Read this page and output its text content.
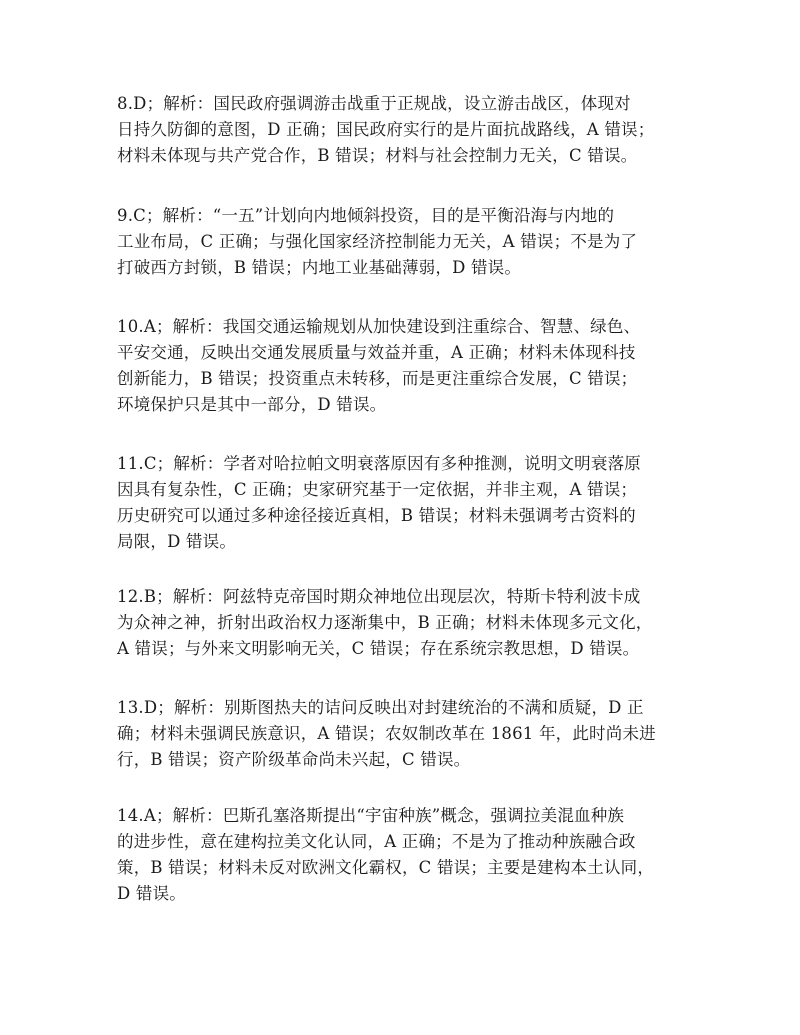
8.D；解析：国民政府强调游击战重于正规战，设立游击战区，体现对
日持久防御的意图，D 正确；国民政府实行的是片面抗战路线，A 错误；
材料未体现与共产党合作，B 错误；材料与社会控制力无关，C 错误。
9.C；解析：“一五”计划向内地倾斜投资，目的是平衡沿海与内地的
工业布局，C 正确；与强化国家经济控制能力无关，A 错误；不是为了
打破西方封锁，B 错误；内地工业基础薄弱，D 错误。
10.A；解析：我国交通运输规划从加快建设到注重综合、智慧、绿色、
平安交通，反映出交通发展质量与效益并重，A 正确；材料未体现科技
创新能力，B 错误；投资重点未转移，而是更注重综合发展，C 错误；
环境保护只是其中一部分，D 错误。
11.C；解析：学者对哈拉帕文明衰落原因有多种推测，说明文明衰落原
因具有复杂性，C 正确；史家研究基于一定依据，并非主观，A 错误；
历史研究可以通过多种途径接近真相，B 错误；材料未强调考古资料的
局限，D 错误。
12.B；解析：阿兹特克帝国时期众神地位出现层次，特斯卡特利波卡成
为众神之神，折射出政治权力逐渐集中，B 正确；材料未体现多元文化，
A 错误；与外来文明影响无关，C 错误；存在系统宗教思想，D 错误。
13.D；解析：别斯图热夫的诘问反映出对封建统治的不满和质疑，D 正
确；材料未强调民族意识，A 错误；农奴制改革在 1861 年，此时尚未进
行，B 错误；资产阶级革命尚未兴起，C 错误。
14.A；解析：巴斯孔塞洛斯提出“宇宙种族”概念，强调拉美混血种族
的进步性，意在建构拉美文化认同，A 正确；不是为了推动种族融合政
策，B 错误；材料未反对欧洲文化霸权，C 错误；主要是建构本土认同，
D 错误。
